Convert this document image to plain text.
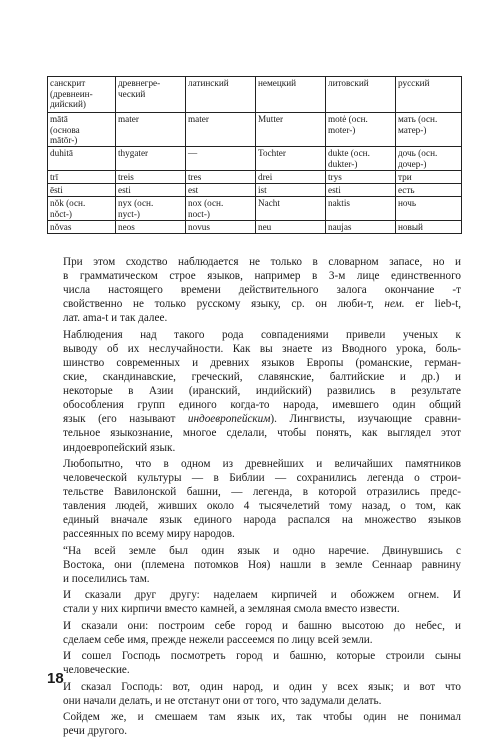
санскрит
(древнеин-
дийский)	древнегре-
ческий	латинский	немецкий	литовский	русский

mātā
(основа
mātōr-)	mater	mater	Mutter	motė (осн.
moter-)	мать (осн.
матер-)

duhitā	thygater	—	Tochter	dukte (осн.
dukter-)	дочь (осн.
дочер-)

trī	treis	tres	drei	trys	три

ēsti	esti	est	ist	esti	есть

nŏk (осн.
nŏct-)	nyx (осн.
nyct-)	nox (осн.
noct-)	Nacht	naktis	ночь

nŏvas	neos	novus	neu	naujas	новый

При этом сходство наблюдается не только в словарном запасе, но и
в грамматическом строе языков, например в 3-м лице единственного
числа настоящего времени действительного залога окончание -т
свойственно не только русскому языку, ср. он люби-т, нем. er lieb-t,
лат. ama-t и так далее.

Наблюдения над такого рода совпадениями привели ученых к
выводу об их неслучайности. Как вы знаете из Вводного урока, боль-
шинство современных и древних языков Европы (романские, герман-
ские, скандинавские, греческий, славянские, балтийские и др.) и
некоторые в Азии (иранский, индийский) развились в результате
обособления групп единого когда-то народа, имевшего один общий
язык (его называют индоевропейским). Лингвисты, изучающие сравни-
тельное языкознание, многое сделали, чтобы понять, как выглядел этот
индоевропейский язык.

Любопытно, что в одном из древнейших и величайших памятников
человеческой культуры — в Библии — сохранились легенда о строи-
тельстве Вавилонской башни, — легенда, в которой отразились предс-
тавления людей, живших около 4 тысячелетий тому назад, о том, как
единый вначале язык единого народа распался на множество языков
рассеянных по всему миру народов.

“На всей земле был один язык и одно наречие. Двинувшись с
Востока, они (племена потомков Ноя) нашли в земле Сеннаар равнину
и поселились там.

И сказали друг другу: наделаем кирпичей и обожжем огнем. И
стали у них кирпичи вместо камней, а земляная смола вместо извести.

И сказали они: построим себе город и башню высотою до небес, и
сделаем себе имя, прежде нежели рассеемся по лицу всей земли.

И сошел Господь посмотреть город и башню, которые строили сыны
человеческие.

И сказал Господь: вот, один народ, и один у всех язык; и вот что
они начали делать, и не отстанут они от того, что задумали делать.

Сойдем же, и смешаем там язык их, так чтобы один не понимал
речи другого.

18
